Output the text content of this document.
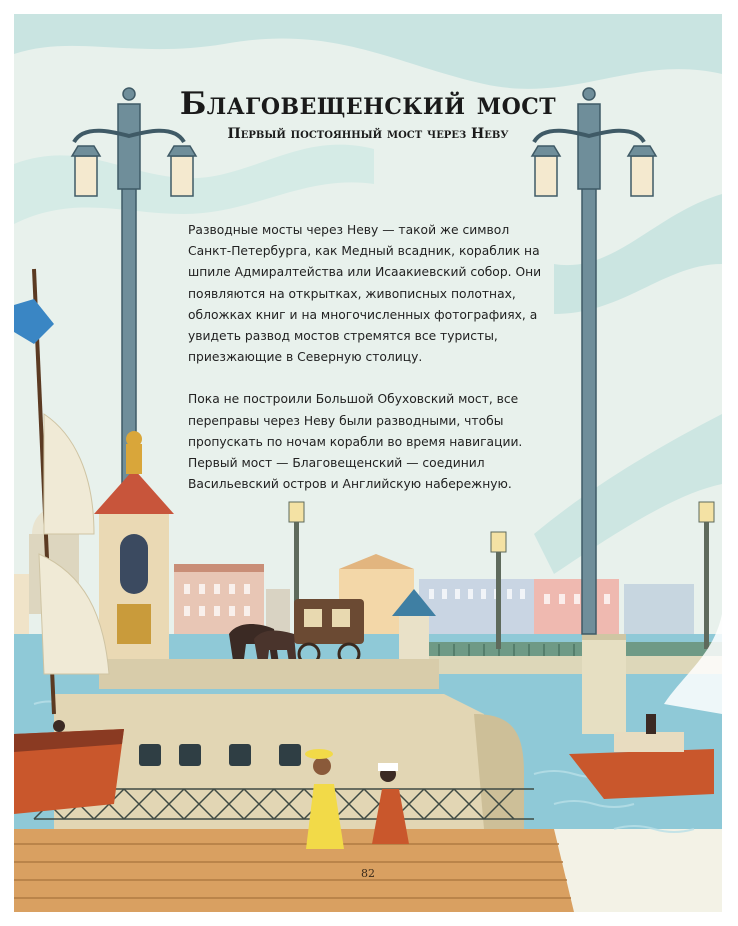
Благовещенский мост
Первый постоянный мост через Неву

Разводные мосты через Неву — такой же символ Санкт-Петербурга, как Медный всадник, кораблик на шпиле Адмиралтейства или Исаакиевский собор. Они появляются на открытках, живописных полотнах, обложках книг и на многочисленных фотографиях, а увидеть развод мостов стремятся все туристы, приезжающие в Северную столицу.

Пока не построили Большой Обуховский мост, все переправы через Неву были разводными, чтобы пропускать по ночам корабли во время навигации. Первый мост — Благовещенский — соединил Васильевский остров и Английскую набережную.

82
